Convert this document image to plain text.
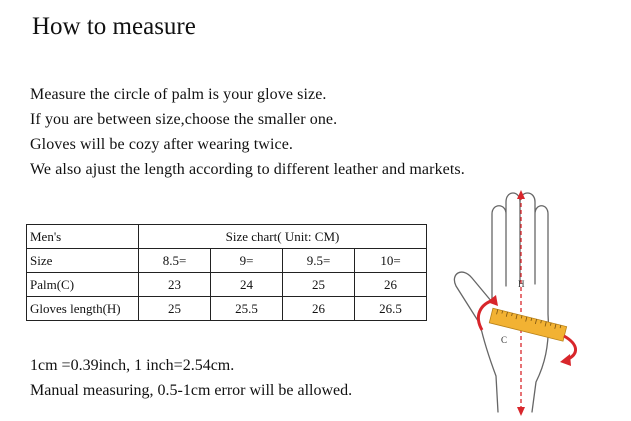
How to measure
Measure the circle of palm is your glove size.
If you are between size,choose the smaller one.
Gloves will be cozy after wearing twice.
We also ajust the length according to different leather and markets.
Men's	Size chart( Unit: CM)			
Size	8.5=	9=	9.5=	10=
Palm(C)	23	24	25	26
Gloves length(H)	25	25.5	26	26.5
1cm =0.39inch, 1 inch=2.54cm.
Manual measuring, 0.5-1cm error will be allowed.
H
C
